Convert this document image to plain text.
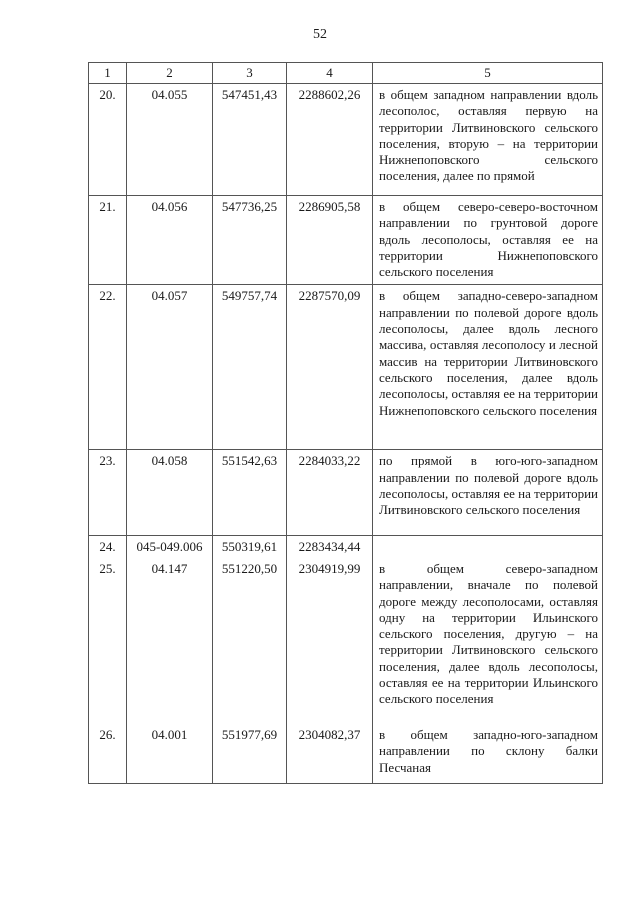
52
1	2	3	4	5
20.	04.055	547451,43	2288602,26	в общем западном направлении вдоль лесополос, оставляя первую на территории Литвиновского сельского поселения, вторую – на территории Нижнепоповского сельского поселения, далее по прямой
21.	04.056	547736,25	2286905,58	в общем северо-северо-восточном направлении по грунтовой дороге вдоль лесополосы, оставляя ее на территории Нижнепоповского сельского поселения
22.	04.057	549757,74	2287570,09	в общем западно-северо-западном направлении по полевой дороге вдоль лесополосы, далее вдоль лесного массива, оставляя лесополосу и лесной массив на территории Литвиновского сельского поселения, далее вдоль лесополосы, оставляя ее на территории Нижнепоповского сельского поселения
23.	04.058	551542,63	2284033,22	по прямой в юго-юго-западном направлении по полевой дороге вдоль лесополосы, оставляя ее на территории Литвиновского сельского поселения
24.	045-049.006	550319,61	2283434,44	
25.	04.147	551220,50	2304919,99	в общем северо-западном направлении, вначале по полевой дороге между лесополосами, оставляя одну на территории Ильинского сельского поселения, другую – на территории Литвиновского сельского поселения, далее вдоль лесополосы, оставляя ее на территории Ильинского сельского поселения
26.	04.001	551977,69	2304082,37	в общем западно-юго-западном направлении по склону балки Песчаная
